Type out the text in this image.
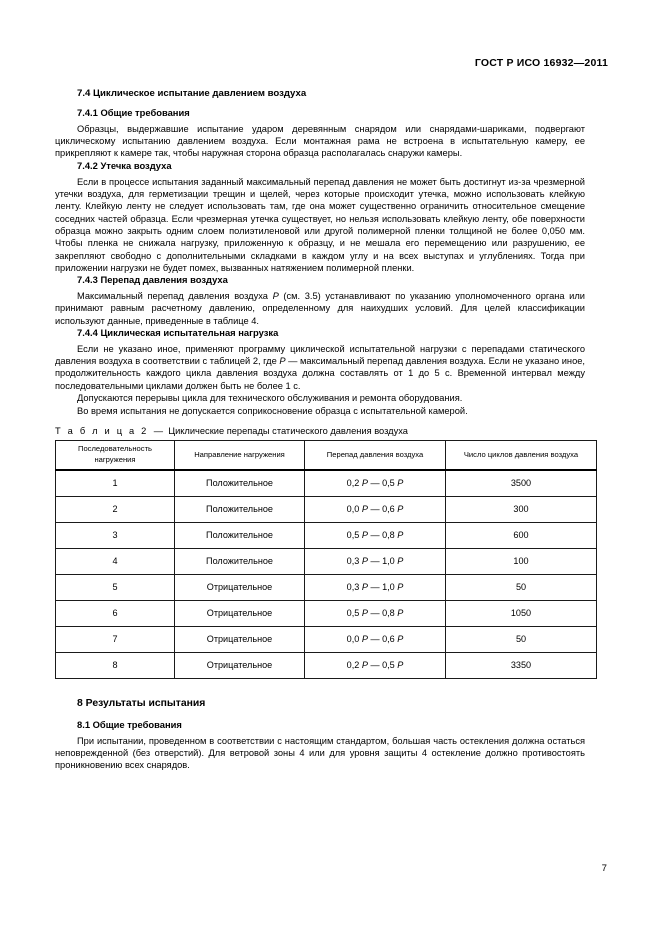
ГОСТ Р ИСО 16932—2011
7.4 Циклическое испытание давлением воздуха
7.4.1 Общие требования

Образцы, выдержавшие испытание ударом деревянным снарядом или снарядами-шариками, подвергают циклическому испытанию давлением воздуха. Если монтажная рама не встроена в испытательную камеру, ее прикрепляют к камере так, чтобы наружная сторона образца располагалась снаружи камеры.

7.4.2 Утечка воздуха

Если в процессе испытания заданный максимальный перепад давления не может быть достигнут из-за чрезмерной утечки воздуха, для герметизации трещин и щелей, через которые происходит утечка, можно использовать клейкую ленту. Клейкую ленту не следует использовать там, где она может существенно ограничить относительное смещение соседних частей образца. Если чрезмерная утечка существует, но нельзя использовать клейкую ленту, обе поверхности образца можно закрыть одним слоем полиэтиленовой или другой полимерной пленки толщиной не более 0,050 мм. Чтобы пленка не снижала нагрузку, приложенную к образцу, и не мешала его перемещению или разрушению, ее закрепляют свободно с дополнительными складками в каждом углу и на всех выступах и углублениях. Тогда при приложении нагрузки не будет помех, вызванных натяжением полимерной пленки.

7.4.3 Перепад давления воздуха

Максимальный перепад давления воздуха P (см. 3.5) устанавливают по указанию уполномоченного органа или принимают равным расчетному давлению, определенному для наихудших условий. Для целей классификации используют данные, приведенные в таблице 4.

7.4.4 Циклическая испытательная нагрузка

Если не указано иное, применяют программу циклической испытательной нагрузки с перепадами статического давления воздуха в соответствии с таблицей 2, где P — максимальный перепад давления воздуха. Если не указано иное, продолжительность каждого цикла давления воздуха должна составлять от 1 до 5 с. Временной интервал между последовательными циклами должен быть не более 1 с.

Допускаются перерывы цикла для технического обслуживания и ремонта оборудования.

Во время испытания не допускается соприкосновение образца с испытательной камерой.

Т а б л и ц а 2 — Циклические перепады статического давления воздуха
Последовательность нагружения	Направление нагружения	Перепад давления воздуха	Число циклов давления воздуха
1	Положительное	0,2 P — 0,5 P	3500
2	Положительное	0,0 P — 0,6 P	300
3	Положительное	0,5 P — 0,8 P	600
4	Положительное	0,3 P — 1,0 P	100
5	Отрицательное	0,3 P — 1,0 P	50
6	Отрицательное	0,5 P — 0,8 P	1050
7	Отрицательное	0,0 P — 0,6 P	50
8	Отрицательное	0,2 P — 0,5 P	3350
8 Результаты испытания
8.1 Общие требования

При испытании, проведенном в соответствии с настоящим стандартом, большая часть остекления должна остаться неповрежденной (без отверстий). Для ветровой зоны 4 или для уровня защиты 4 остекление должно противостоять проникновению всех снарядов.

7
